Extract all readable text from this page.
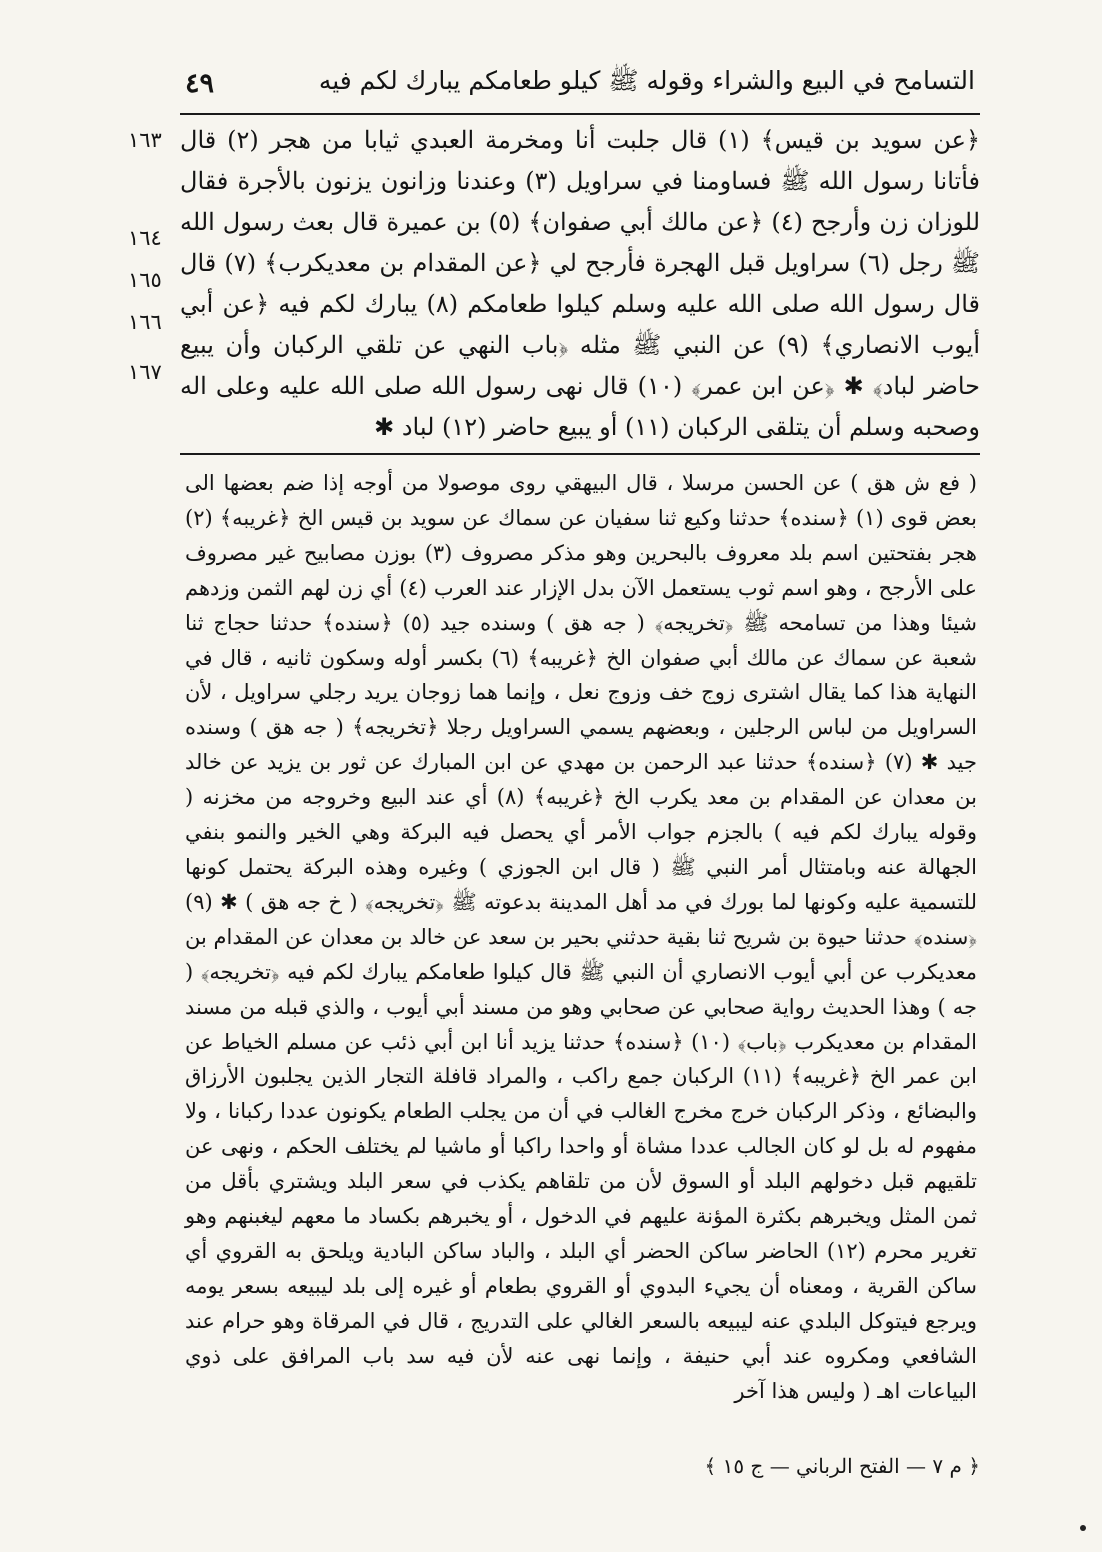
التسامح في البيع والشراء وقوله ﷺ كيلو طعامكم يبارك لكم فيه
٤٩
١٦٣
١٦٤
١٦٥
١٦٦
١٦٧

﴿عن سويد بن قيس﴾ (١) قال جلبت أنا ومخرمة العبدي ثيابا من هجر (٢) قال فأتانا رسول الله ﷺ فساومنا في سراويل (٣) وعندنا وزانون يزنون بالأجرة فقال للوزان زن وأرجح (٤) ﴿عن مالك أبي صفوان﴾ (٥) بن عميرة قال بعث رسول الله ﷺ رجل (٦) سراويل قبل الهجرة فأرجح لي ﴿عن المقدام بن معديكرب﴾ (٧) قال قال رسول الله صلى الله عليه وسلم كيلوا طعامكم (٨) يبارك لكم فيه ﴿عن أبي أيوب الانصاري﴾ (٩) عن النبي ﷺ مثله ﴿باب النهي عن تلقي الركبان وأن يبيع حاضر لباد﴾ ✱ ﴿عن ابن عمر﴾ (١٠) قال نهى رسول الله صلى الله عليه وعلى اله وصحبه وسلم أن يتلقى الركبان (١١) أو يبيع حاضر (١٢) لباد ✱

( فع ش هق ) عن الحسن مرسلا ، قال البيهقي روى موصولا من أوجه إذا ضم بعضها الى بعض قوى (١) ﴿سنده﴾ حدثنا وكيع ثنا سفيان عن سماك عن سويد بن قيس الخ ﴿غريبه﴾ (٢) هجر بفتحتين اسم بلد معروف بالبحرين وهو مذكر مصروف (٣) بوزن مصابيح غير مصروف على الأرجح ، وهو اسم ثوب يستعمل الآن بدل الإزار عند العرب (٤) أي زن لهم الثمن وزدهم شيئا وهذا من تسامحه ﷺ ﴿تخريجه﴾ ( جه هق ) وسنده جيد (٥) ﴿سنده﴾ حدثنا حجاج ثنا شعبة عن سماك عن مالك أبي صفوان الخ ﴿غريبه﴾ (٦) بكسر أوله وسكون ثانيه ، قال في النهاية هذا كما يقال اشترى زوج خف وزوج نعل ، وإنما هما زوجان يريد رجلي سراويل ، لأن السراويل من لباس الرجلين ، وبعضهم يسمي السراويل رجلا ﴿تخريجه﴾ ( جه هق ) وسنده جيد ✱ (٧) ﴿سنده﴾ حدثنا عبد الرحمن بن مهدي عن ابن المبارك عن ثور بن يزيد عن خالد بن معدان عن المقدام بن معد يكرب الخ ﴿غريبه﴾ (٨) أي عند البيع وخروجه من مخزنه ( وقوله يبارك لكم فيه ) بالجزم جواب الأمر أي يحصل فيه البركة وهي الخير والنمو بنفي الجهالة عنه وبامتثال أمر النبي ﷺ ( قال ابن الجوزي ) وغيره وهذه البركة يحتمل كونها للتسمية عليه وكونها لما بورك في مد أهل المدينة بدعوته ﷺ ﴿تخريجه﴾ ( خ جه هق ) ✱ (٩) ﴿سنده﴾ حدثنا حيوة بن شريح ثنا بقية حدثني بحير بن سعد عن خالد بن معدان عن المقدام بن معديكرب عن أبي أيوب الانصاري أن النبي ﷺ قال كيلوا طعامكم يبارك لكم فيه ﴿تخريجه﴾ ( جه ) وهذا الحديث رواية صحابي عن صحابي وهو من مسند أبي أيوب ، والذي قبله من مسند المقدام بن معديكرب ﴿باب﴾ (١٠) ﴿سنده﴾ حدثنا يزيد أنا ابن أبي ذئب عن مسلم الخياط عن ابن عمر الخ ﴿غريبه﴾ (١١) الركبان جمع راكب ، والمراد قافلة التجار الذين يجلبون الأرزاق والبضائع ، وذكر الركبان خرج مخرج الغالب في أن من يجلب الطعام يكونون عددا ركبانا ، ولا مفهوم له بل لو كان الجالب عددا مشاة أو واحدا راكبا أو ماشيا لم يختلف الحكم ، ونهى عن تلقيهم قبل دخولهم البلد أو السوق لأن من تلقاهم يكذب في سعر البلد ويشتري بأقل من ثمن المثل ويخبرهم بكثرة المؤنة عليهم في الدخول ، أو يخبرهم بكساد ما معهم ليغبنهم وهو تغرير محرم (١٢) الحاضر ساكن الحضر أي البلد ، والباد ساكن البادية ويلحق به القروي أي ساكن القرية ، ومعناه أن يجيء البدوي أو القروي بطعام أو غيره إلى بلد ليبيعه بسعر يومه ويرجع فيتوكل البلدي عنه ليبيعه بالسعر الغالي على التدريج ، قال في المرقاة وهو حرام عند الشافعي ومكروه عند أبي حنيفة ، وإنما نهى عنه لأن فيه سد باب المرافق على ذوي البياعات اهـ ( وليس هذا آخر

﴿ م ٧ — الفتح الرباني — ج ١٥ ﴾
